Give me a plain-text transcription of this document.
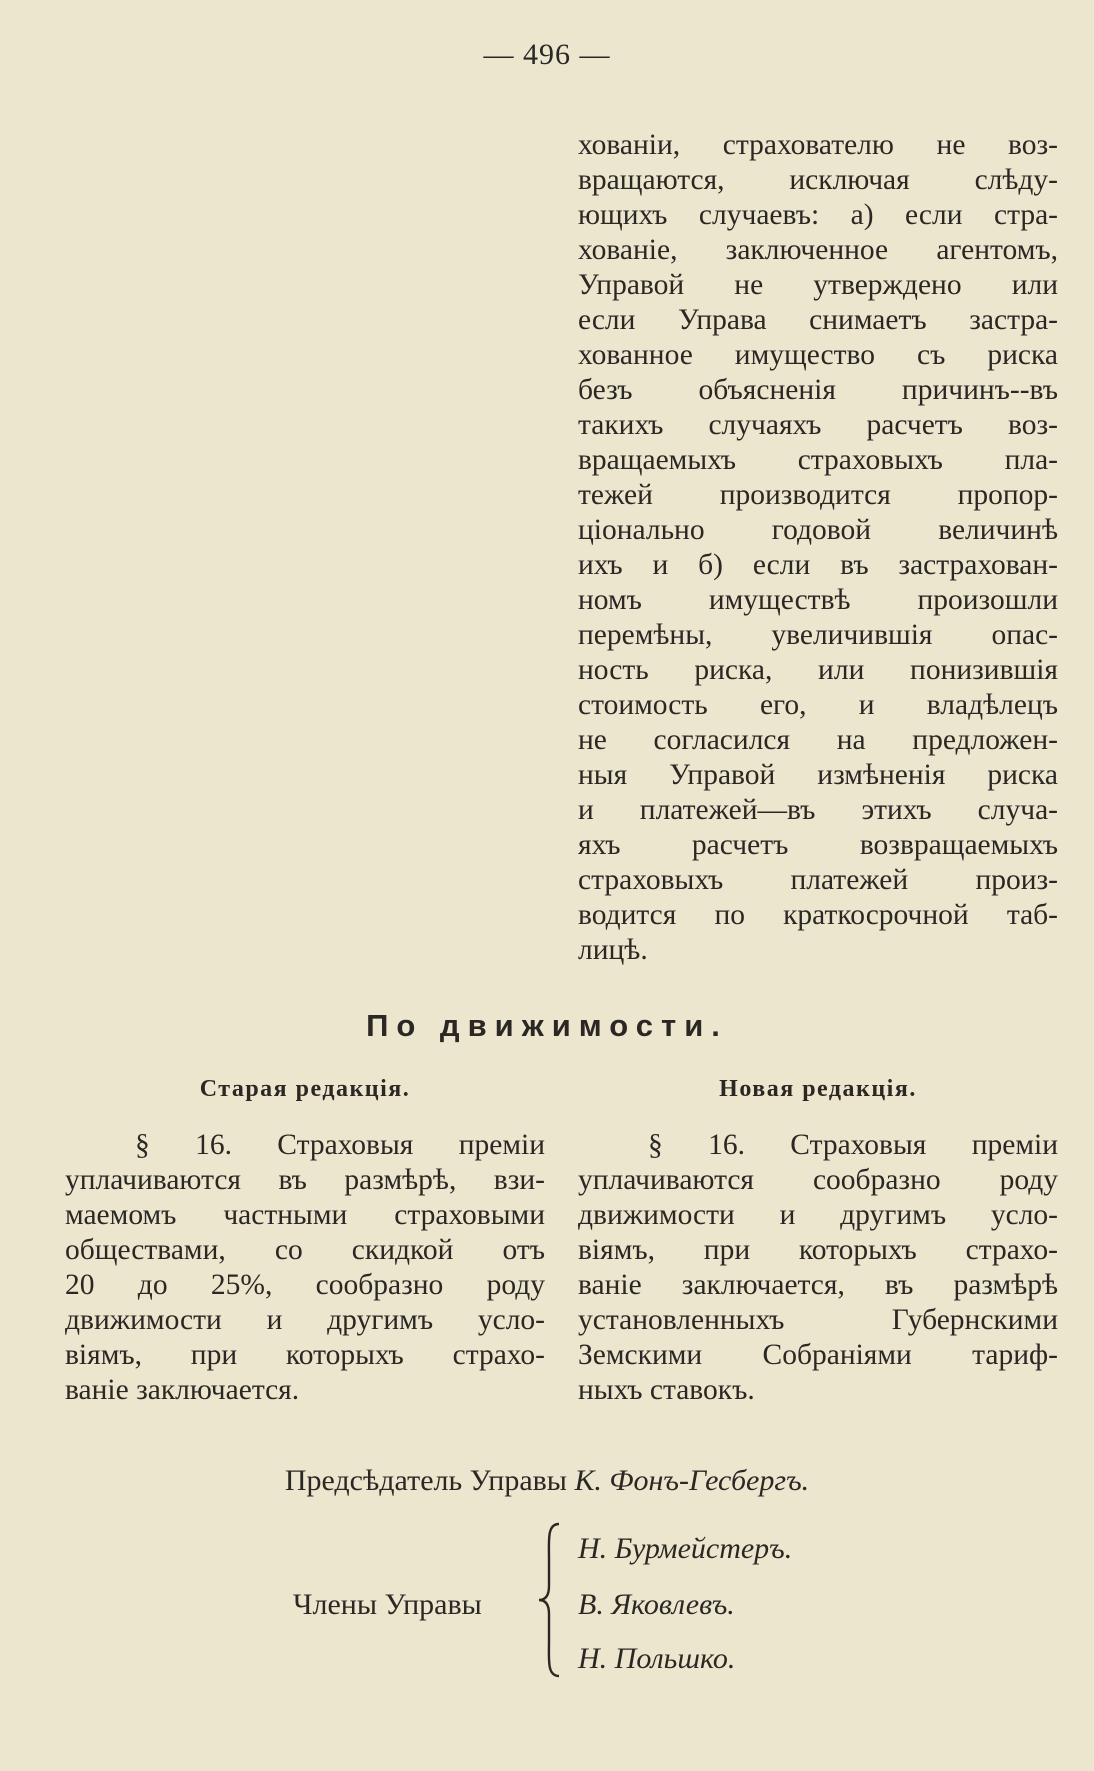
— 496 —
хованіи, страхователю не воз-
вращаются, исключая слѣду-
ющихъ случаевъ: а) если стра-
хованіе, заключенное агентомъ,
Управой не утверждено или
если Управа снимаетъ застра-
хованное имущество съ риска
безъ объясненія причинъ--въ
такихъ случаяхъ расчетъ воз-
вращаемыхъ страховыхъ пла-
тежей производится пропор-
ціонально годовой величинѣ
ихъ и б) если въ застрахован-
номъ имуществѣ произошли
перемѣны, увеличившія опас-
ность риска, или понизившія
стоимость его, и владѣлецъ
не согласился на предложен-
ныя Управой измѣненія риска
и платежей—въ этихъ случа-
яхъ расчетъ возвращаемыхъ
страховыхъ платежей произ-
водится по краткосрочной таб-
лицѣ.
По движимости.
Старая редакція.	Новая редакція.
§ 16. Страховыя преміи
уплачиваются въ размѣрѣ, взи-
маемомъ частными страховыми
обществами, со скидкой отъ
20 до 25%, сообразно роду
движимости и другимъ усло-
віямъ, при которыхъ страхо-
ваніе заключается.
§ 16. Страховыя преміи
уплачиваются сообразно роду
движимости и другимъ усло-
віямъ, при которыхъ страхо-
ваніе заключается, въ размѣрѣ
установленныхъ Губернскими
Земскими Собраніями тариф-
ныхъ ставокъ.
Предсѣдатель Управы К. Фонъ-Гесбергъ.
Члены Управы
Н. Бурмейстеръ.
В. Яковлевъ.
Н. Польшко.
